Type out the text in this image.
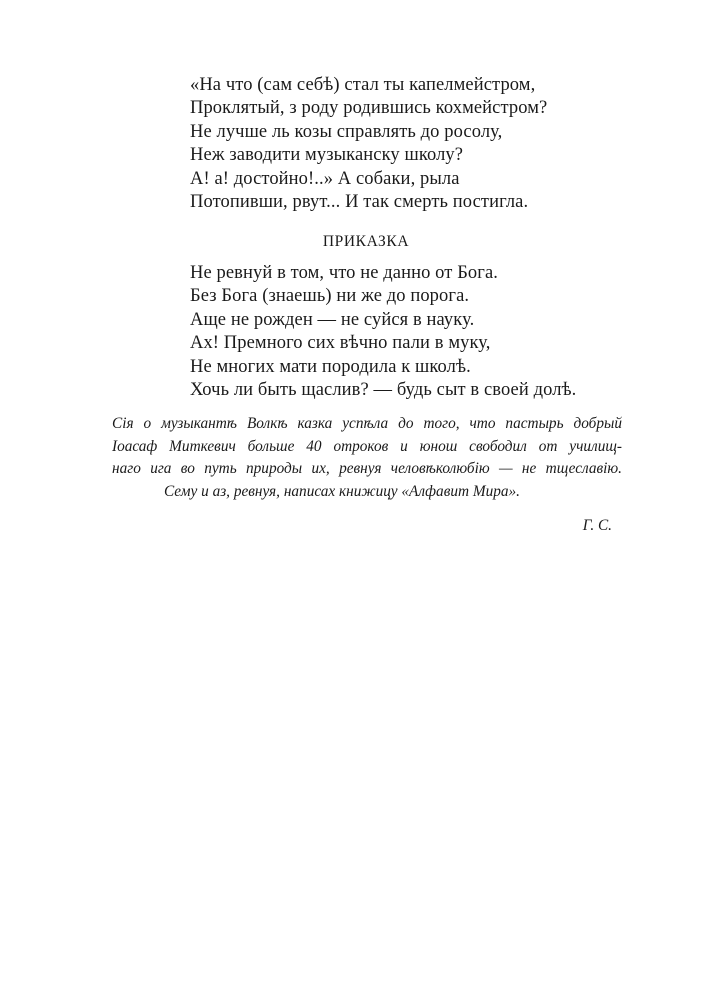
«На что (сам себѣ) стал ты капелмейстром,
Проклятый, з роду родившись кохмейстром?
Не лучше ль козы справлять до росолу,
Неж заводити музыканску школу?
А! а! достойно!..» А собаки, рыла
Потопивши, рвут... И так смерть постигла.
ПРИКАЗКА
Не ревнуй в том, что не данно от Бога.
Без Бога (знаешь) ни же до порога.
Аще не рожден — не суйся в науку.
Ах! Премного сих вѣчно пали в муку,
Не многих мати породила к школѣ.
Хочь ли быть щаслив? — будь сыт в своей долѣ.
Сія о музыкантѣ Волкѣ казка успѣла до того, что пастырь добрый
Іоасаф Миткевич больше 40 отроков и юнош свободил от училищ-
наго ига во путь природы их, ревнуя человѣколюбію — не тщеславію.
Сему и аз, ревнуя, написах книжицу «Алфавит Мира».
Г. С.
